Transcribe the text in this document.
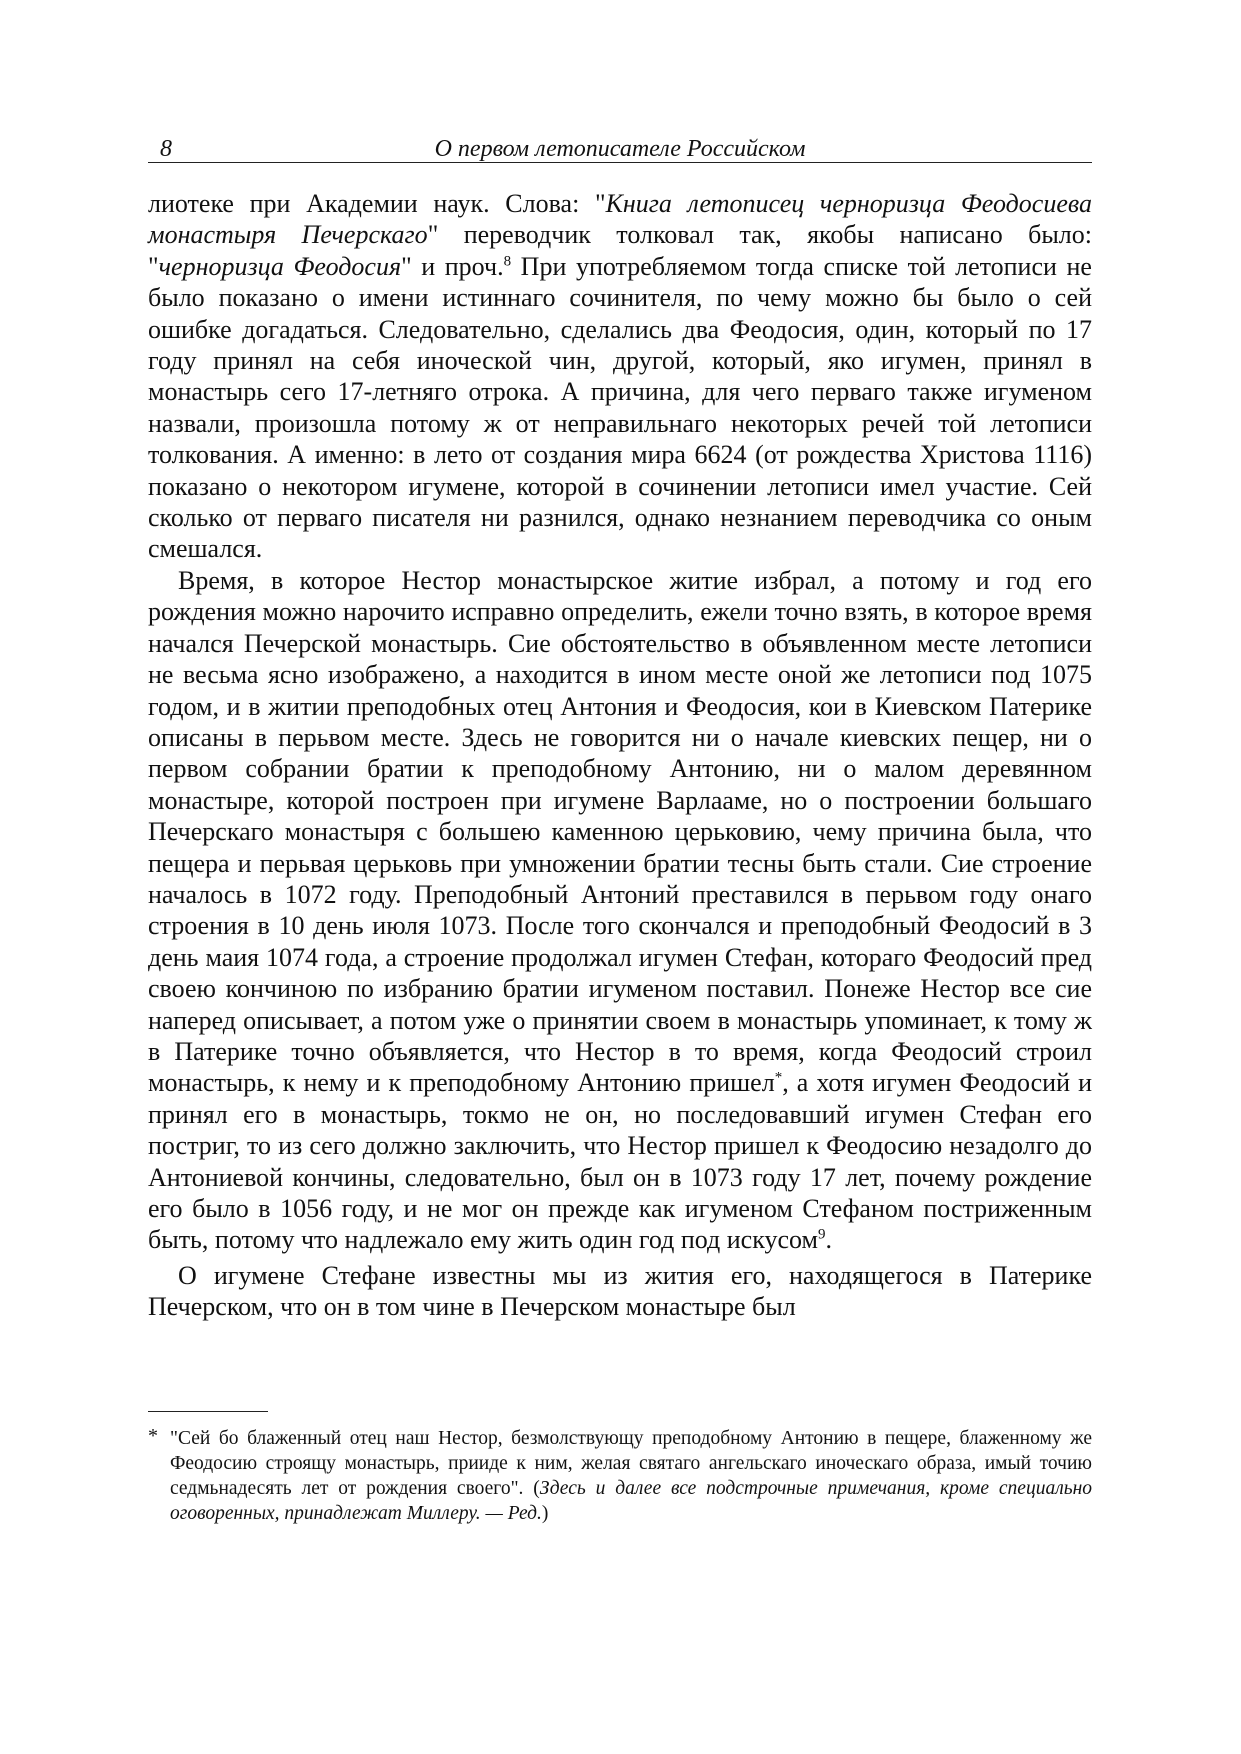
8	О первом летописателе Российском

лиотеке при Академии наук. Слова: "Книга летописец черноризца Феодосиева монастыря Печерскаго" переводчик толковал так, якобы написано было: "черноризца Феодосия" и проч.$^8$ При употребляемом тогда списке той летописи не было показано о имени истиннаго сочинителя, по чему можно бы было о сей ошибке догадаться. Следовательно, сделались два Феодосия, один, который по 17 году принял на себя иноческой чин, другой, который, яко игумен, принял в монастырь сего 17-летняго отрока. А причина, для чего перваго также игуменом назвали, произошла потому ж от неправильнаго некоторых речей той летописи толкования. А именно: в лето от создания мира 6624 (от рождества Христова 1116) показано о некотором игумене, которой в сочинении летописи имел участие. Сей сколько от перваго писателя ни разнился, однако незнанием переводчика со оным смешался.

Время, в которое Нестор монастырское житие избрал, а потому и год его рождения можно нарочито исправно определить, ежели точно взять, в которое время начался Печерской монастырь. Сие обстоятельство в объявленном месте летописи не весьма ясно изображено, а находится в ином месте оной же летописи под 1075 годом, и в житии преподобных отец Антония и Феодосия, кои в Киевском Патерике описаны в перьвом месте. Здесь не говорится ни о начале киевских пещер, ни о первом собрании братии к преподобному Антонию, ни о малом деревянном монастыре, которой построен при игумене Варлааме, но о построении большаго Печерскаго монастыря с большею каменною церьковию, чему причина была, что пещера и перьвая церьковь при умножении братии тесны быть стали. Сие строение началось в 1072 году. Преподобный Антоний преставился в перьвом году онаго строения в 10 день июля 1073. После того скончался и преподобный Феодосий в 3 день маия 1074 года, а строение продолжал игумен Стефан, котораго Феодосий пред своею кончиною по избранию братии игуменом поставил. Понеже Нестор все сие наперед описывает, а потом уже о принятии своем в монастырь упоминает, к тому ж в Патерике точно объявляется, что Нестор в то время, когда Феодосий строил монастырь, к нему и к преподобному Антонию пришел*, а хотя игумен Феодосий и принял его в монастырь, токмо не он, но последовавший игумен Стефан его постриг, то из сего должно заключить, что Нестор пришел к Феодосию незадолго до Антониевой кончины, следовательно, был он в 1073 году 17 лет, почему рождение его было в 1056 году, и не мог он прежде как игуменом Стефаном постриженным быть, потому что надлежало ему жить один год под искусом$^9$.

О игумене Стефане известны мы из жития его, находящегося в Патерике Печерском, что он в том чине в Печерском монастыре был

* "Сей бо блаженный отец наш Нестор, безмолствующу преподобному Антонию в пещере, блаженному же Феодосию строящу монастырь, прииде к ним, желая святаго ангельскаго иноческаго образа, имый точию седмьнадесять лет от рождения своего". (Здесь и далее все подстрочные примечания, кроме специально оговоренных, принадлежат Миллеру. — Ред.)
